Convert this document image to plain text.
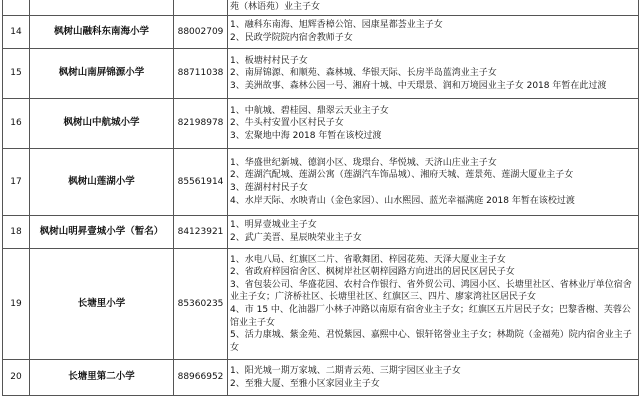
			苑（林语苑）业主子女

14	枫树山融科东南海小学	88002709	1、融科东南海、旭辉香樟公馆、园康星都荟业主子女
2、民政学院院内宿舍教师子女

15	枫树山南屏锦源小学	88711038	1、板塘村村民子女
2、南屏锦源、和顺苑、森林城、华银天际、长房半岛蓝湾业主子女
3、美洲故事、森林公园一号、湘府十城、中天璟景、润和万境园业主子女 2018 年暂在此过渡

16	枫树山中航城小学	82198978	1、中航城、碧桂园、鼎翠云天业主子女
2、牛头村安置小区村民子女
3、宏聚地中海 2018 年暂在该校过渡

17	枫树山莲湖小学	85561914	1、华盛世纪新城、德润小区、珑璟台、华悦城、天济山庄业主子女
2、莲湖汽配城、莲湖公寓（莲湖汽车饰品城）、湘府天城、莲景苑、莲湖大厦业主子女
3、莲湖村村民子女
4、水岸天际、水映青山（金色家园）、山水熙园、蓝光幸福满庭 2018 年暂在该校过渡

18	枫树山明昇壹城小学（暂名）	84123921	1、明昇壹城业主子女
2、武广美晋、星辰映荣业主子女

19	长塘里小学	85360235	1、水电八局、红旗区二片、省歌舞团、梓园花苑、天泽大厦业主子女
2、省政府梓园宿舍区、枫树岸社区朝梓园路方向进出的居民区居民子女
3、省包装公司、华盛花园、农村合作银行、省外贸公司、鸿园小区、长塘里社区、省林业厅单位宿舍业主子女；广济桥社区、长塘里社区、红旗区三、四片、廖家湾社区居民子女
4、市 15 中、化油器厂小林子冲路以南原有宿舍业主子女；红旗区五片居民子女；巴黎香榭、芙蓉公馆业主子女
5、活力康城、紫金苑、君悦紫园、嘉熙中心、银轩铭誉业主子女；林勘院（金福苑）院内宿舍业主子女

20	长塘里第二小学	88966952	1、阳光城一期万家城、二期青云苑、三期宇园区业主子女
2、至雅大厦、至雅小区家园业主子女
